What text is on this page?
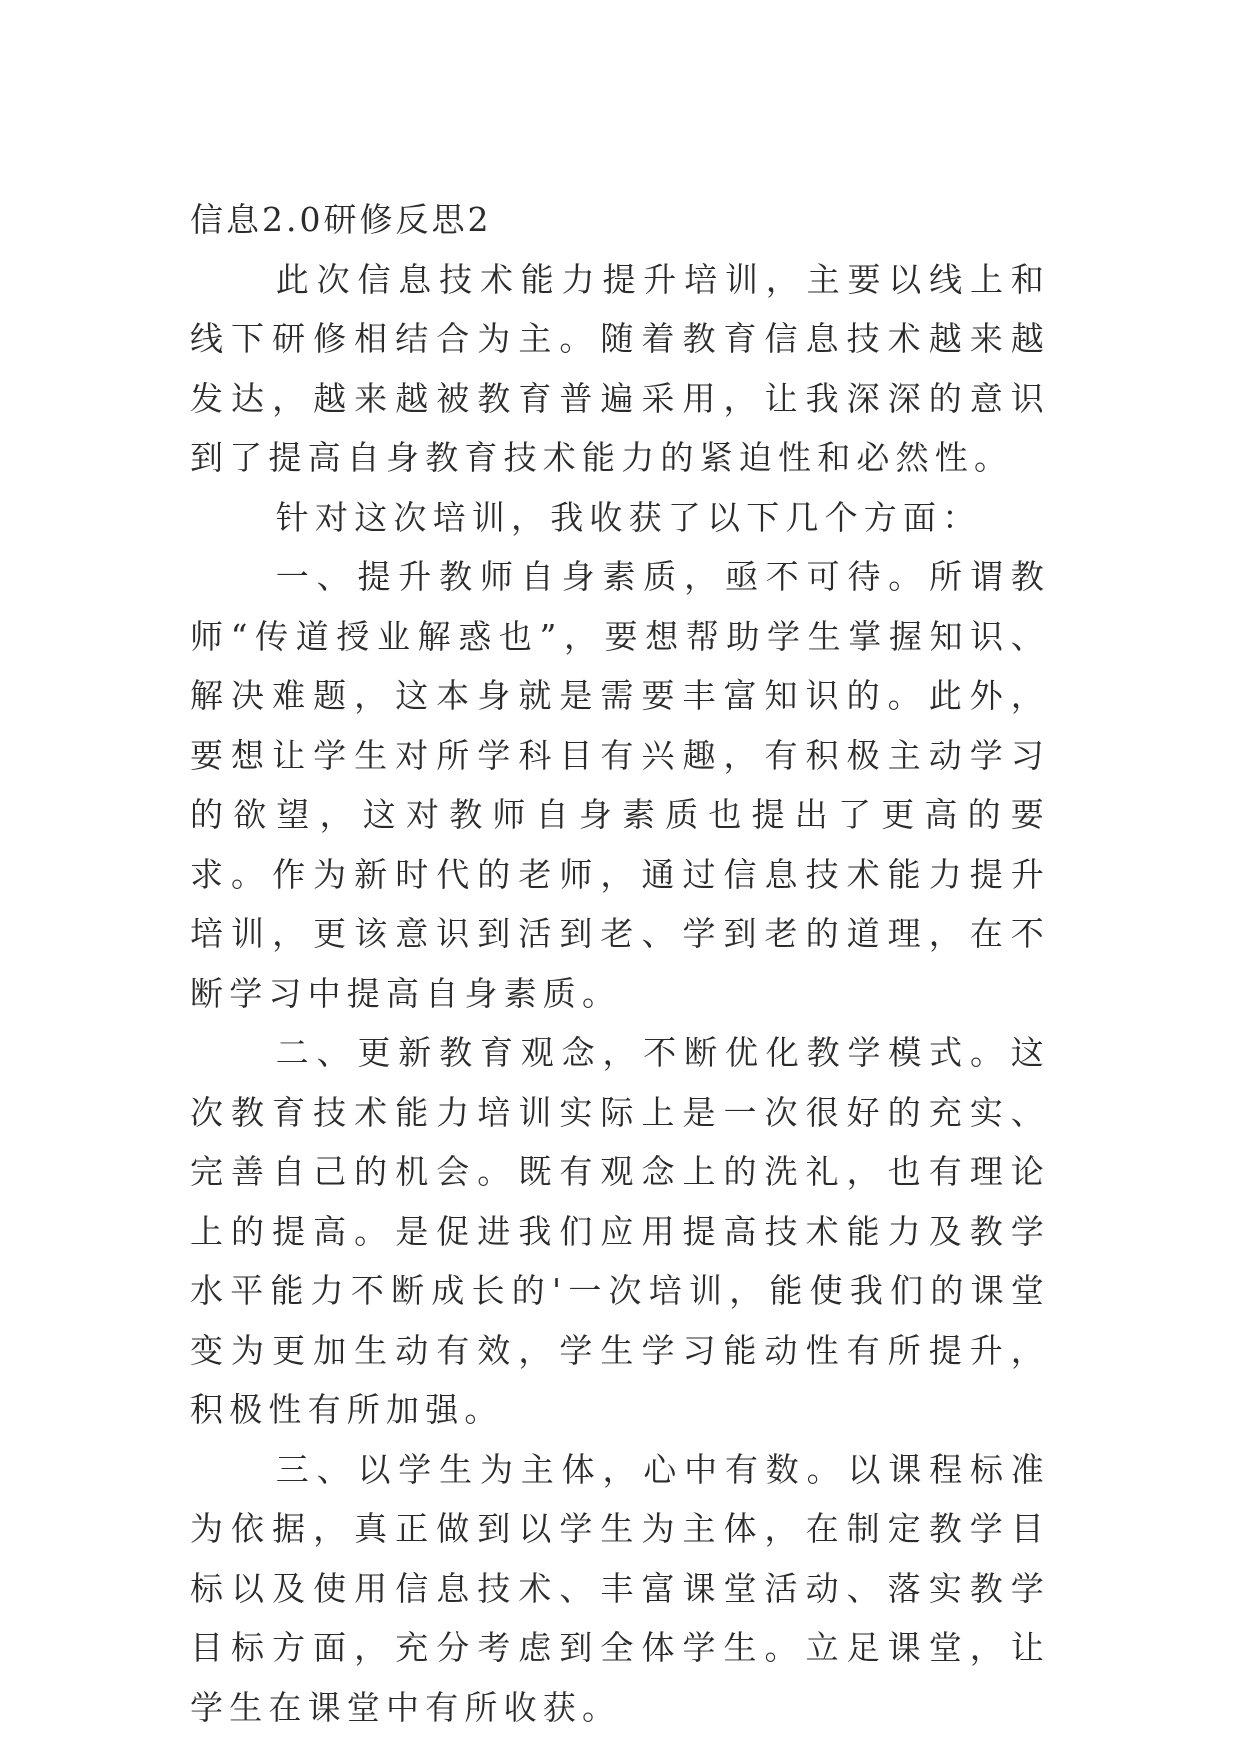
信息2.0研修反思2

此次信息技术能力提升培训，主要以线上和线下研修相结合为主。随着教育信息技术越来越发达，越来越被教育普遍采用，让我深深的意识到了提高自身教育技术能力的紧迫性和必然性。

针对这次培训，我收获了以下几个方面：

一、提升教师自身素质，亟不可待。所谓教师“传道授业解惑也”，要想帮助学生掌握知识、解决难题，这本身就是需要丰富知识的。此外，要想让学生对所学科目有兴趣，有积极主动学习的欲望，这对教师自身素质也提出了更高的要求。作为新时代的老师，通过信息技术能力提升培训，更该意识到活到老、学到老的道理，在不断学习中提高自身素质。

二、更新教育观念，不断优化教学模式。这次教育技术能力培训实际上是一次很好的充实、完善自己的机会。既有观念上的洗礼，也有理论上的提高。是促进我们应用提高技术能力及教学水平能力不断成长的'一次培训，能使我们的课堂变为更加生动有效，学生学习能动性有所提升，积极性有所加强。

三、以学生为主体，心中有数。以课程标准为依据，真正做到以学生为主体，在制定教学目标以及使用信息技术、丰富课堂活动、落实教学目标方面，充分考虑到全体学生。立足课堂，让学生在课堂中有所收获。
